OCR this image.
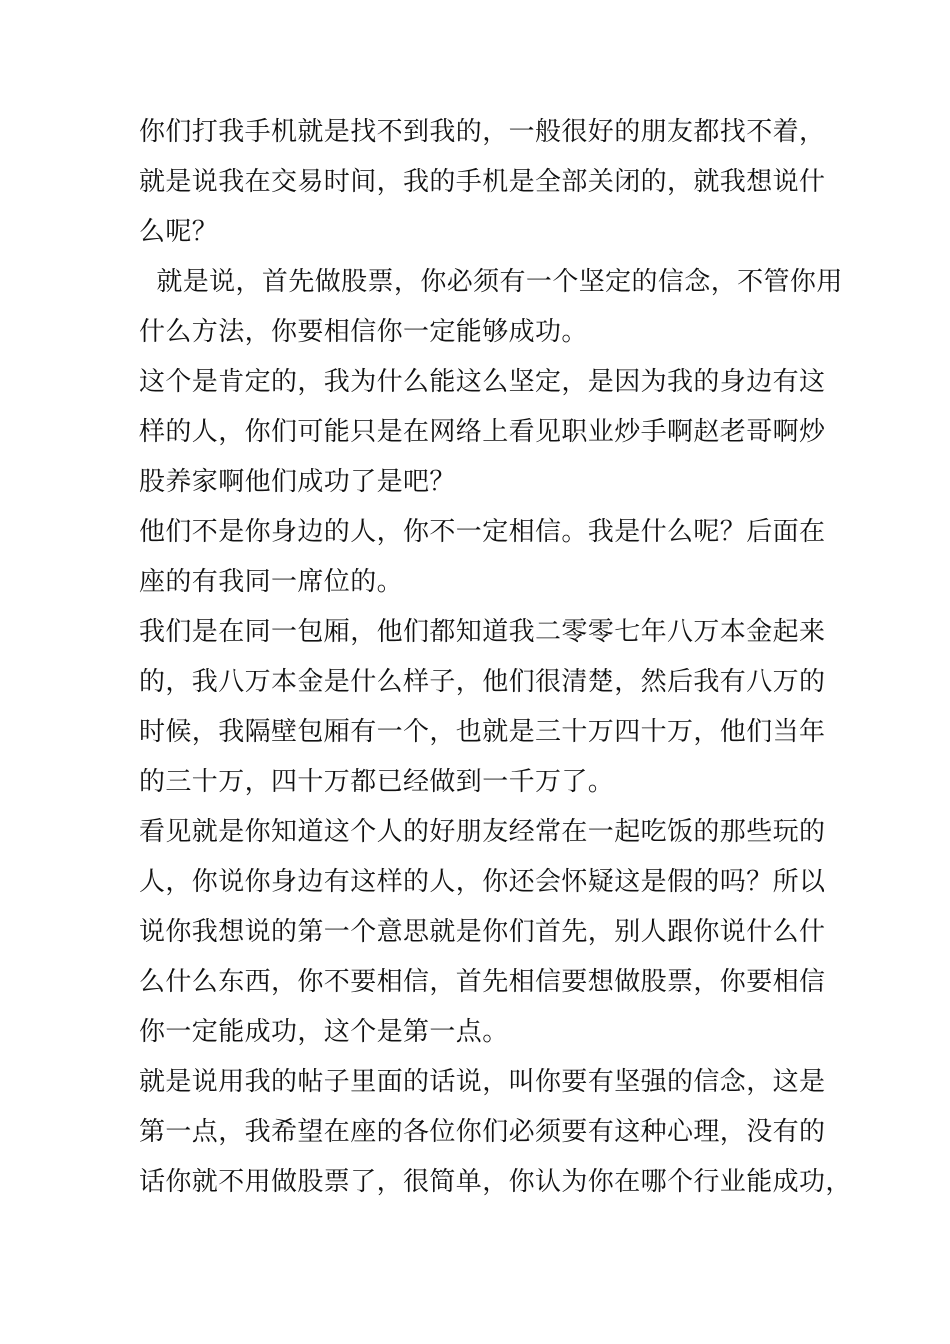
你们打我手机就是找不到我的，一般很好的朋友都找不着，
就是说我在交易时间，我的手机是全部关闭的，就我想说什
么呢？
就是说，首先做股票，你必须有一个坚定的信念，不管你用
什么方法，你要相信你一定能够成功。
这个是肯定的，我为什么能这么坚定，是因为我的身边有这
样的人，你们可能只是在网络上看见职业炒手啊赵老哥啊炒
股养家啊他们成功了是吧？
他们不是你身边的人，你不一定相信。我是什么呢？后面在
座的有我同一席位的。
我们是在同一包厢，他们都知道我二零零七年八万本金起来
的，我八万本金是什么样子，他们很清楚，然后我有八万的
时候，我隔壁包厢有一个，也就是三十万四十万，他们当年
的三十万，四十万都已经做到一千万了。
看见就是你知道这个人的好朋友经常在一起吃饭的那些玩的
人，你说你身边有这样的人，你还会怀疑这是假的吗？所以
说你我想说的第一个意思就是你们首先，别人跟你说什么什
么什么东西，你不要相信，首先相信要想做股票，你要相信
你一定能成功，这个是第一点。
就是说用我的帖子里面的话说，叫你要有坚强的信念，这是
第一点，我希望在座的各位你们必须要有这种心理，没有的
话你就不用做股票了，很简单，你认为你在哪个行业能成功，
